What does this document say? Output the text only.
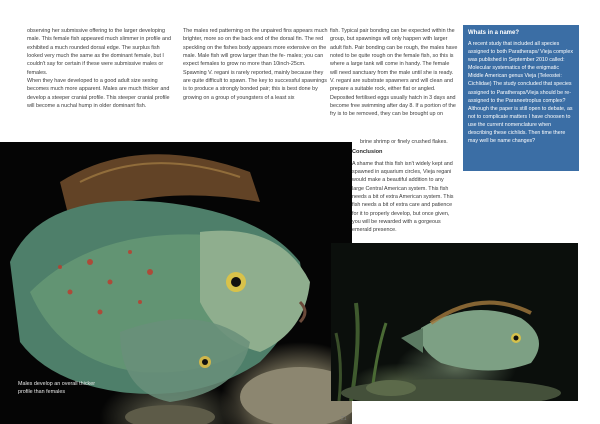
observing her submissive offering to the larger developing male. This female fish appeared much slimmer in profile and exhibited a much rounded dorsal edge. The surplus fish looked very much the same as the dominant female, but I couldn't say for certain if these were submissive males or females.

When they have developed to a good adult size sexing becomes much more apparent. Males are much thicker and develop a steeper cranial profile. This steeper cranial profile will become a nuchal hump in older dominant fish.

The males red patterning on the unpaired fins appears much brighter, more so on the back end of the dorsal fin. The red speckling on the fishes body appears more extensive on the male. Male fish will grow larger than the fe- males; you can expect females to grow no more than 10inch-25cm.

Spawning V. regani is rarely reported, mainly because they are quite difficult to spawn. The key to successful spawnings is to produce a strongly bonded pair; this is best done by growing on a group of youngsters of a least six

fish. Typical pair bonding can be expected within the group, but spawnings will only happen with larger adult fish. Pair bonding can be rough, the males have noted to be quite rough on the female fish, so this is where a large tank will come in handy. The female will need sanctuary from the male until she is ready.

V. regani are substrate spawners and will clean and prepare a suitable rock, either flat or angled. Deposited fertilised eggs usually hatch in 3 days and become free swimming after day 8. If a portion of the fry is to be removed, they can be brought up on

brine shrimp or finely crushed flakes.

Conclusion

A shame that this fish isn't widely kept and spawned in aquarium circles, Vieja regani would make a beautiful addition to any large Central American system. This fish needs a bit of extra American system. This fish needs a bit of extra care and patience for it to properly develop, but once given, you will be rewarded with a gorgeous emerald presence.

Whats in a name?

A recent study that included all species assigned to both Paratheraps/ Vieja complex was published in September 2010 called: Molecular systematics of the enigmatic Middle American genus Vieja (Teleostei: Cichlidae) The study concluded that species assigned to Paratheraps/Vieja should be re-assigned to the Paraneetroplus complex? Although the paper is still open to debate, as not to complicate matters I have choosen to use the current nomenclature when describing these cichlids. Then time there may well be name changes?

Males develop an overall thicker profile than females
21
